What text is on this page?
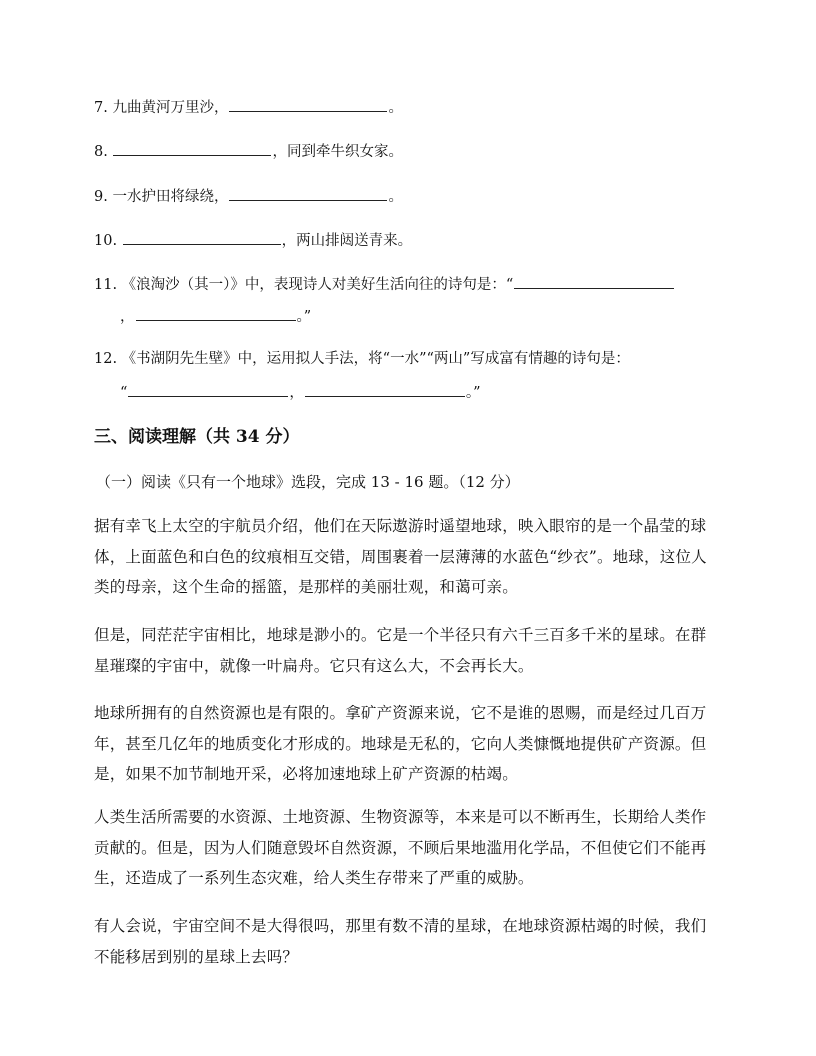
7. 九曲黄河万里沙，	。
8.	，同到牵牛织女家。
9. 一水护田将绿绕，	。
10.	，两山排闼送青来。
11. 《浪淘沙（其一）》中，表现诗人对美好生活向往的诗句是：“
，	。”
12. 《书湖阴先生壁》中，运用拟人手法，将“一水”“两山”写成富有情趣的诗句是：
“	，	。”
三、阅读理解（共 34 分）
（一）阅读《只有一个地球》选段，完成 13 - 16 题。（12 分）
据有幸飞上太空的宇航员介绍，他们在天际遨游时遥望地球，映入眼帘的是一个晶莹的球
体，上面蓝色和白色的纹痕相互交错，周围裹着一层薄薄的水蓝色“纱衣”。地球，这位人
类的母亲，这个生命的摇篮，是那样的美丽壮观，和蔼可亲。
但是，同茫茫宇宙相比，地球是渺小的。它是一个半径只有六千三百多千米的星球。在群
星璀璨的宇宙中，就像一叶扁舟。它只有这么大，不会再长大。
地球所拥有的自然资源也是有限的。拿矿产资源来说，它不是谁的恩赐，而是经过几百万
年，甚至几亿年的地质变化才形成的。地球是无私的，它向人类慷慨地提供矿产资源。但
是，如果不加节制地开采，必将加速地球上矿产资源的枯竭。
人类生活所需要的水资源、土地资源、生物资源等，本来是可以不断再生，长期给人类作
贡献的。但是，因为人们随意毁坏自然资源，不顾后果地滥用化学品，不但使它们不能再
生，还造成了一系列生态灾难，给人类生存带来了严重的威胁。
有人会说，宇宙空间不是大得很吗，那里有数不清的星球，在地球资源枯竭的时候，我们
不能移居到别的星球上去吗？
